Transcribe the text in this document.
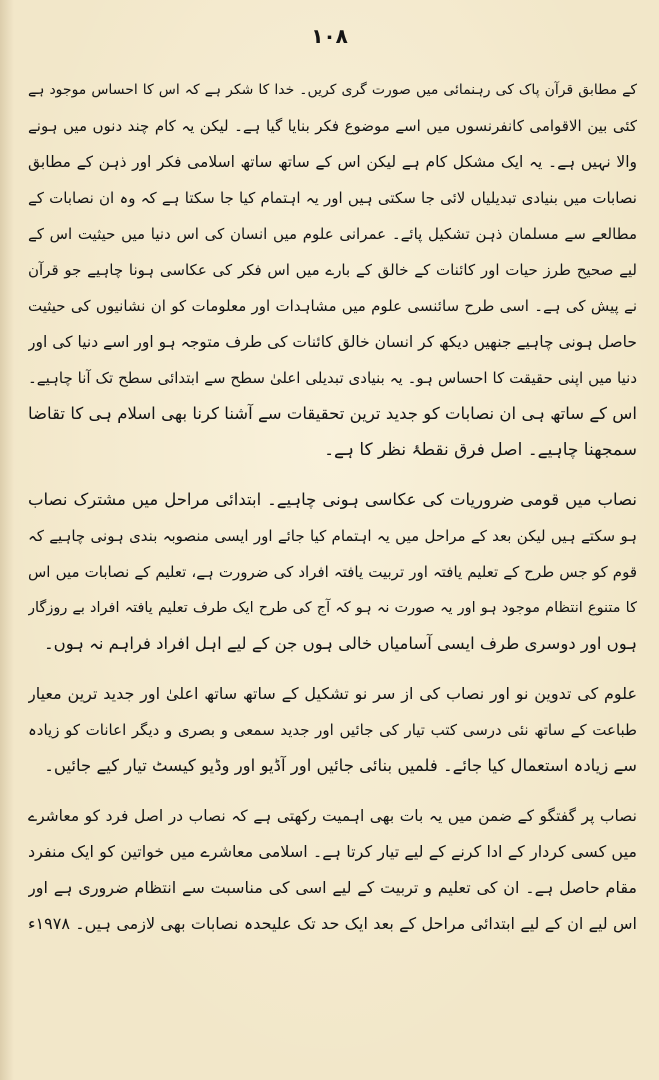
١٠٨
کے مطابق قرآن پاک کی رہنمائی میں صورت گری کریں۔ خدا کا شکر ہے کہ اس کا احساس موجود ہے
کئی بین الاقوامی کانفرنسوں میں اسے موضوع فکر بنایا گیا ہے۔ لیکن یہ کام چند دنوں میں ہونے
والا نہیں ہے۔ یہ ایک مشکل کام ہے لیکن اس کے ساتھ ساتھ اسلامی فکر اور ذہن کے مطابق
نصابات میں بنیادی تبدیلیاں لائی جا سکتی ہیں اور یہ اہتمام کیا جا سکتا ہے کہ وہ ان نصابات کے
مطالعے سے مسلمان ذہن تشکیل پائے۔ عمرانی علوم میں انسان کی اس دنیا میں حیثیت اس کے
لیے صحیح طرز حیات اور کائنات کے خالق کے بارے میں اس فکر کی عکاسی ہونا چاہیے جو قرآن
نے پیش کی ہے۔ اسی طرح سائنسی علوم میں مشاہدات اور معلومات کو ان نشانیوں کی حیثیت
حاصل ہونی چاہیے جنھیں دیکھ کر انسان خالق کائنات کی طرف متوجہ ہو اور اسے دنیا کی اور
دنیا میں اپنی حقیقت کا احساس ہو۔ یہ بنیادی تبدیلی اعلیٰ سطح سے ابتدائی سطح تک آنا چاہیے۔
اس کے ساتھ ہی ان نصابات کو جدید ترین تحقیقات سے آشنا کرنا بھی اسلام ہی کا تقاضا
سمجھنا چاہیے۔ اصل فرق نقطۂ نظر کا ہے۔
نصاب میں قومی ضروریات کی عکاسی ہونی چاہیے۔ ابتدائی مراحل میں مشترک نصاب
ہو سکتے ہیں لیکن بعد کے مراحل میں یہ اہتمام کیا جائے اور ایسی منصوبہ بندی ہونی چاہیے کہ
قوم کو جس طرح کے تعلیم یافتہ اور تربیت یافتہ افراد کی ضرورت ہے، تعلیم کے نصابات میں اس
کا متنوع انتظام موجود ہو اور یہ صورت نہ ہو کہ آج کی طرح ایک طرف تعلیم یافتہ افراد بے روزگار
ہوں اور دوسری طرف ایسی آسامیاں خالی ہوں جن کے لیے اہل افراد فراہم نہ ہوں۔
علوم کی تدوین نو اور نصاب کی از سر نو تشکیل کے ساتھ ساتھ اعلیٰ اور جدید ترین معیار
طباعت کے ساتھ نئی درسی کتب تیار کی جائیں اور جدید سمعی و بصری و دیگر اعانات کو زیادہ
سے زیادہ استعمال کیا جائے۔ فلمیں بنائی جائیں اور آڈیو اور وڈیو کیسٹ تیار کیے جائیں۔
نصاب پر گفتگو کے ضمن میں یہ بات بھی اہمیت رکھتی ہے کہ نصاب در اصل فرد کو معاشرے
میں کسی کردار کے ادا کرنے کے لیے تیار کرتا ہے۔ اسلامی معاشرے میں خواتین کو ایک منفرد
مقام حاصل ہے۔ ان کی تعلیم و تربیت کے لیے اسی کی مناسبت سے انتظام ضروری ہے اور
اس لیے ان کے لیے ابتدائی مراحل کے بعد ایک حد تک علیحدہ نصابات بھی لازمی ہیں۔ ۱۹۷۸ء
